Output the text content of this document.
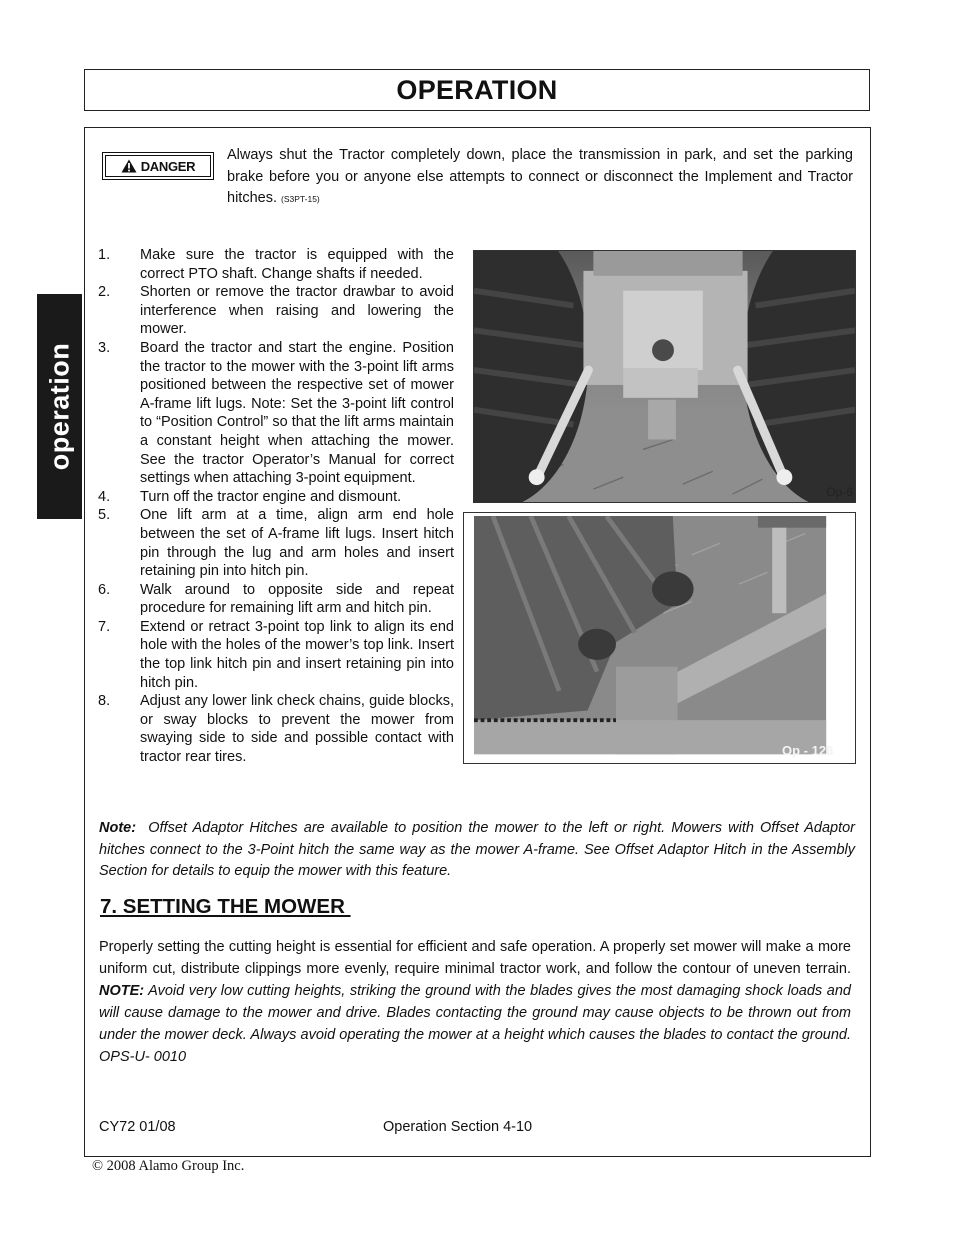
OPERATION
operation
DANGER
Always shut the Tractor completely down, place the transmission in park, and set the parking brake before you or anyone else attempts to connect or disconnect the Implement and Tractor hitches. (S3PT-15)
1.	Make sure the tractor is equipped with the correct PTO shaft. Change shafts if needed.
2.	Shorten or remove the tractor drawbar to avoid interference when raising and lowering the mower.
3.	Board the tractor and start the engine. Position the tractor to the mower with the 3-point lift arms positioned between the respective set of mower A-frame lift lugs. Note: Set the 3-point lift control to “Position Control” so that the lift arms maintain a constant height when attaching the mower. See the tractor Operator’s Manual for correct settings when attaching 3-point equipment.
4.	Turn off the tractor engine and dismount.
5.	One lift arm at a time, align arm end hole between the set of A-frame lift lugs. Insert hitch pin through the lug and arm holes and insert retaining pin into hitch pin.
6.	Walk around to opposite side and repeat procedure for remaining lift arm and hitch pin.
7.	Extend or retract 3-point top link to align its end hole with the holes of the mower’s top link. Insert the top link hitch pin and insert retaining pin into hitch pin.
8.	Adjust any lower link check chains, guide blocks, or sway blocks to prevent the mower from swaying side to side and possible contact with tractor rear tires.
Op-6
Op - 128
Note: Offset Adaptor Hitches are available to position the mower to the left or right. Mowers with Offset Adaptor hitches connect to the 3-Point hitch the same way as the mower A-frame. See Offset Adaptor Hitch in the Assembly Section for details to equip the mower with this feature.
7. SETTING THE MOWER
Properly setting the cutting height is essential for efficient and safe operation. A properly set mower will make a more uniform cut, distribute clippings more evenly, require minimal tractor work, and follow the contour of uneven terrain. NOTE: Avoid very low cutting heights, striking the ground with the blades gives the most damaging shock loads and will cause damage to the mower and drive. Blades contacting the ground may cause objects to be thrown out from under the mower deck. Always avoid operating the mower at a height which causes the blades to contact the ground. OPS-U- 0010
CY72 01/08	Operation Section 4-10
© 2008 Alamo Group Inc.
